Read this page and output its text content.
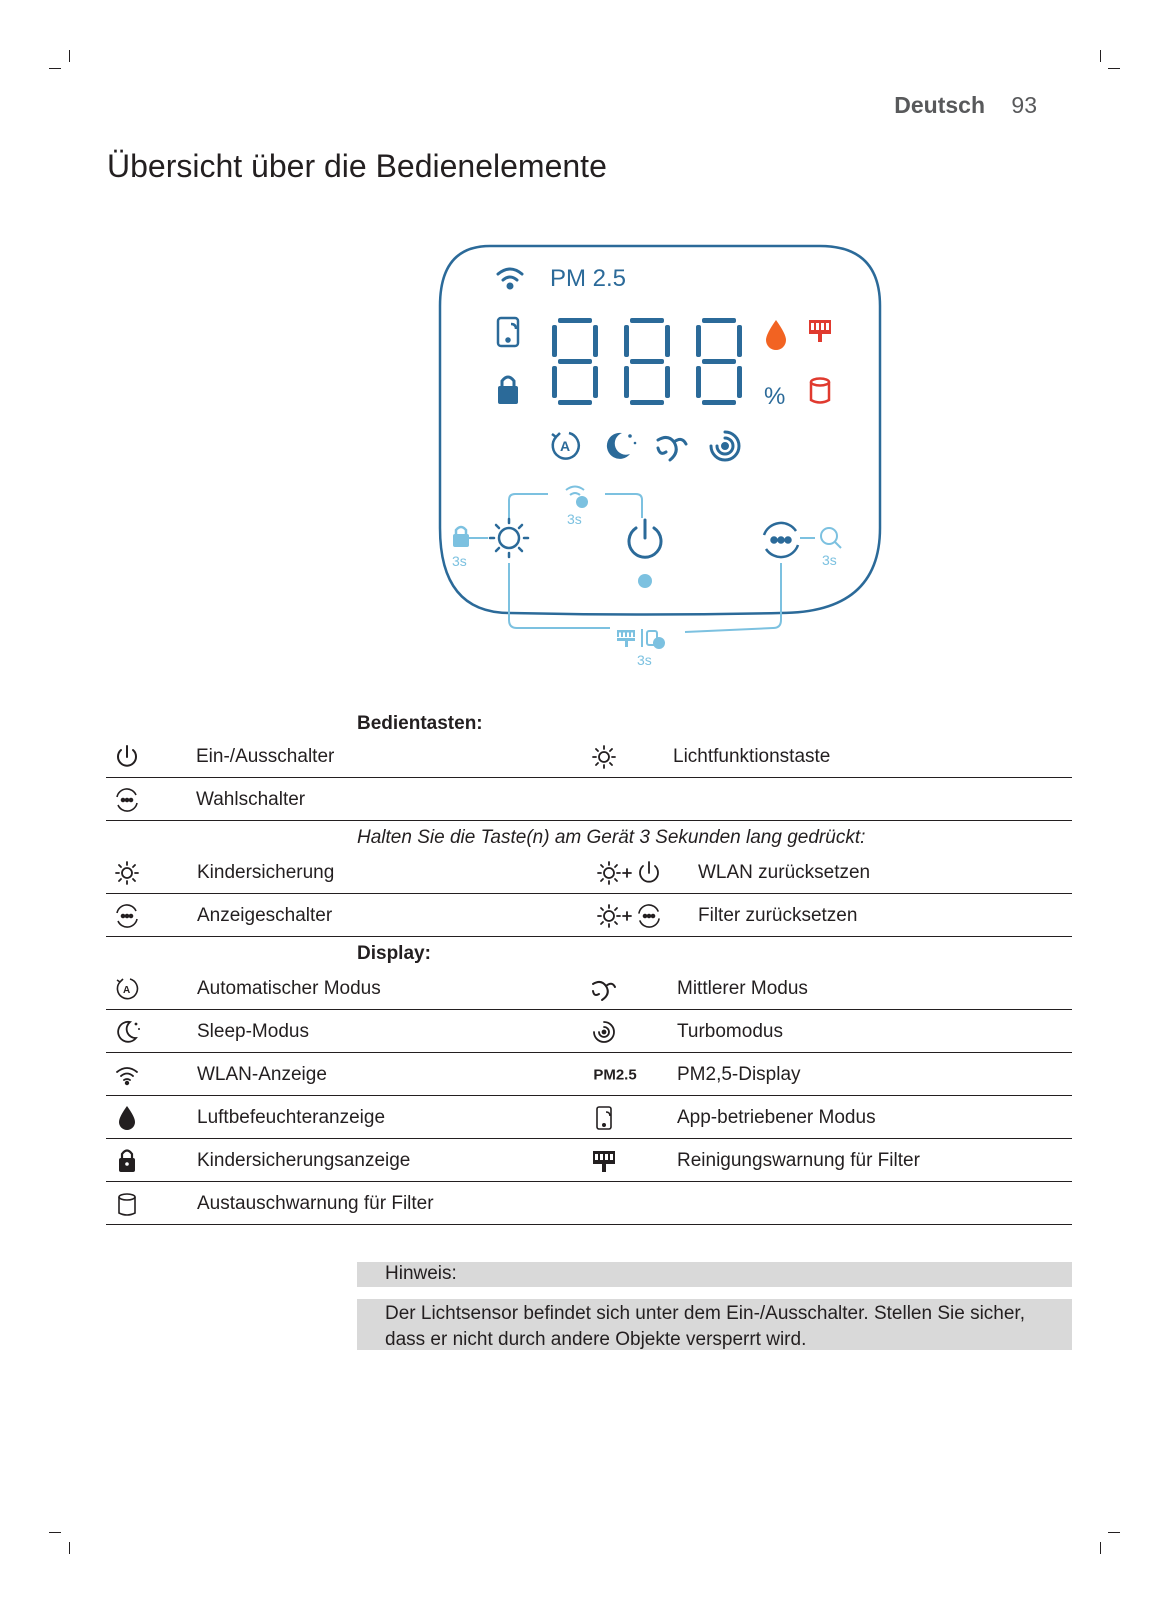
Deutsch 93
Übersicht über die Bedienelemente
PM 2.5
%
A
3s
3s	3s
3s
Bedientasten:
Ein-/Ausschalter	Lichtfunktionstaste
Wahlschalter
Halten Sie die Taste(n) am Gerät 3 Sekunden lang gedrückt:
Kindersicherung	WLAN zurücksetzen
Anzeigeschalter	Filter zurücksetzen
Display:
A	Automatischer Modus	Mittlerer Modus
Sleep-Modus	Turbomodus
WLAN-Anzeige	PM2.5 PM2,5-Display
Luftbefeuchteranzeige	App-betriebener Modus
Kindersicherungsanzeige	Reinigungswarnung für Filter
Austauschwarnung für Filter
Hinweis:
Der Lichtsensor befindet sich unter dem Ein-/Ausschalter. Stellen Sie sicher, dass er nicht durch andere Objekte versperrt wird.
